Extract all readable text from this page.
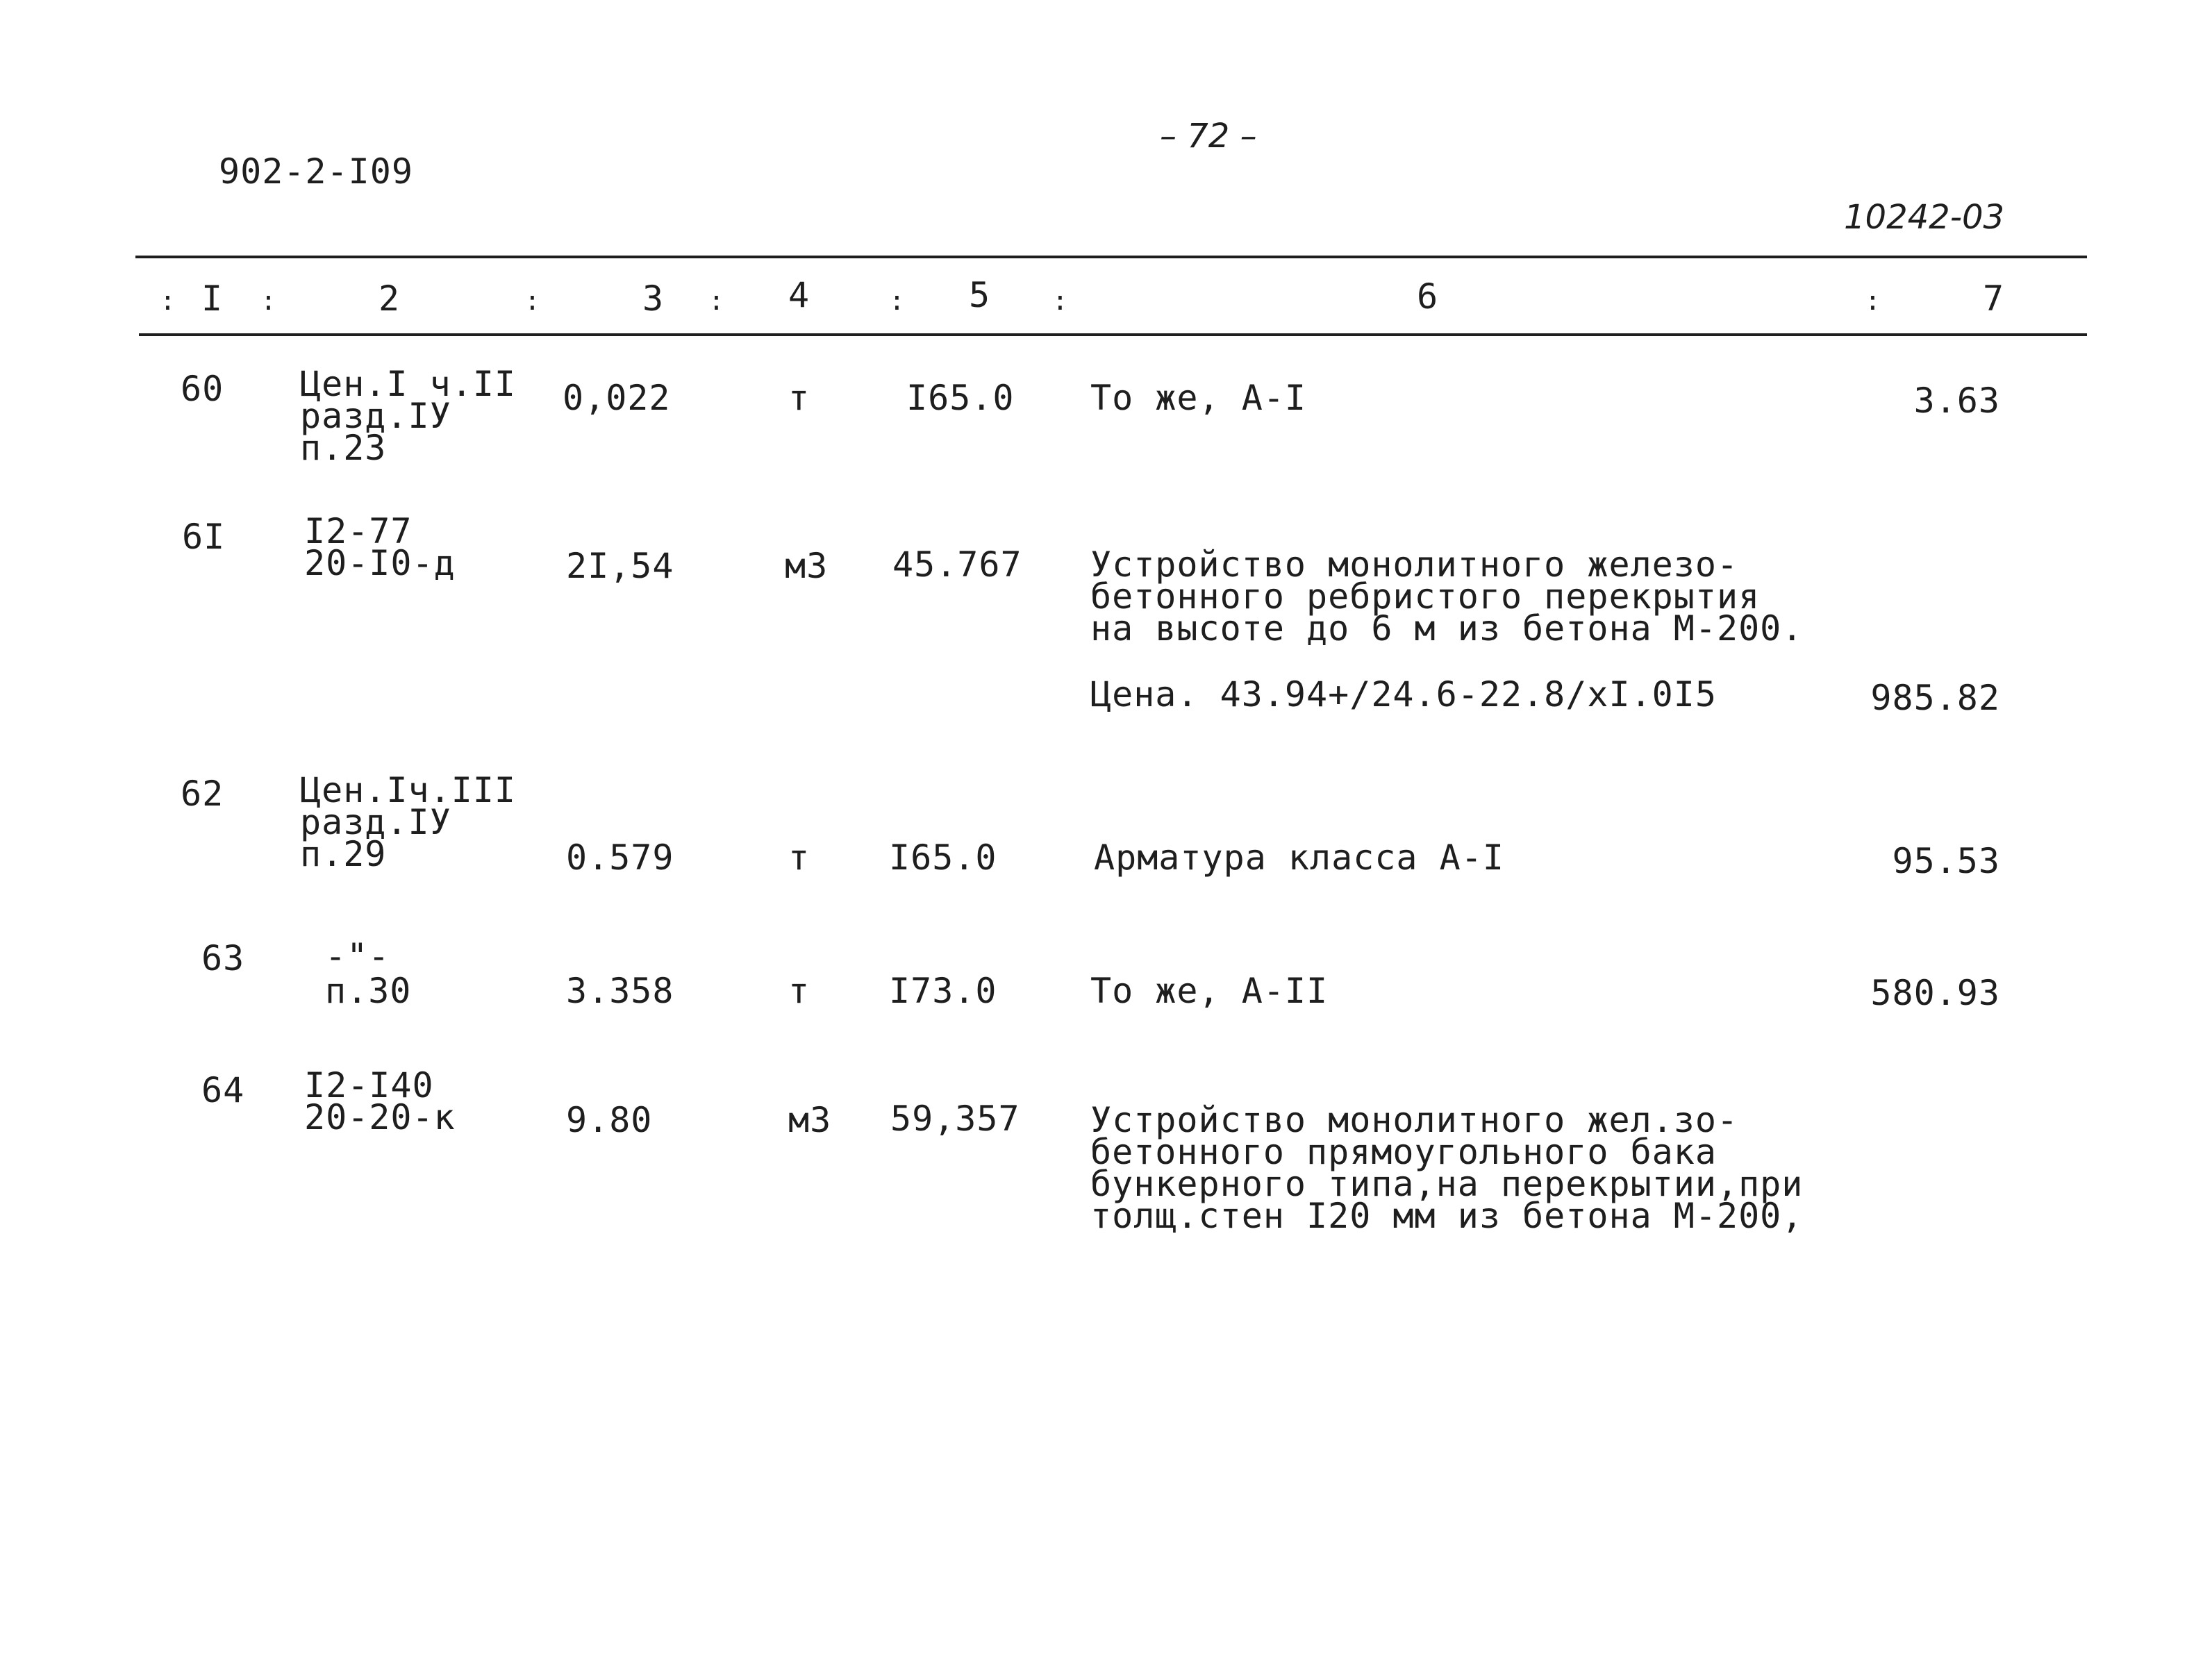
902-2-I09
– 72 –
10242-03
: I :	2	:	3 : 4	: 5 :	6	:	7
60 Цен.I ч.II
разд.IУ
п.23
0,022	т	I65.0 То же, А-I	3.63
6I I2-77
20-I0-д	2I,54	м3 45.767 Устройство монолитного железо-
бетонного ребристого перекрытия
на высоте до 6 м из бетона М-200.
Цена. 43.94+/24.6-22.8/хI.0I5	985.82
62 Цен.Iч.III
разд.IУ
п.29	0.579	т I65.0	Арматура класса А-I	95.53
63 -"-
п.30	3.358	т I73.0	То же, А-II	580.93
64 I2-I40
20-20-к	9.80	м3 59,357 Устройство монолитного жел.зо-
бетонного прямоугольного бака
бункерного типа,на перекрытии,при
толщ.стен I20 мм из бетона М-200,
